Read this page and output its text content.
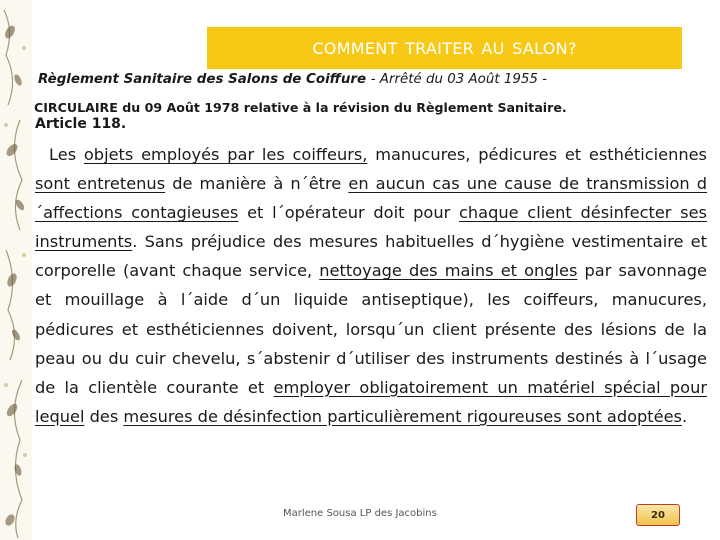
COMMENT TRAITER AU SALON?
Règlement Sanitaire des Salons de Coiffure - Arrêté du 03 Août 1955 -
CIRCULAIRE du 09 Août 1978 relative à la révision du Règlement Sanitaire.
Article 118.
Les objets employés par les coiffeurs, manucures, pédicures et esthéticiennes sont entretenus de manière à n´être en aucun cas une cause de transmission d´affections contagieuses et l´opérateur doit pour chaque client désinfecter ses instruments. Sans préjudice des mesures habituelles d´hygiène vestimentaire et corporelle (avant chaque service, nettoyage des mains et ongles par savonnage et mouillage à l´aide d´un liquide antiseptique), les coiffeurs, manucures, pédicures et esthéticiennes doivent, lorsqu´un client présente des lésions de la peau ou du cuir chevelu, s´abstenir d´utiliser des instruments destinés à l´usage de la clientèle courante et employer obligatoirement un matériel spécial pour lequel des mesures de désinfection particulièrement rigoureuses sont adoptées.
Marlene Sousa LP des Jacobins	20
